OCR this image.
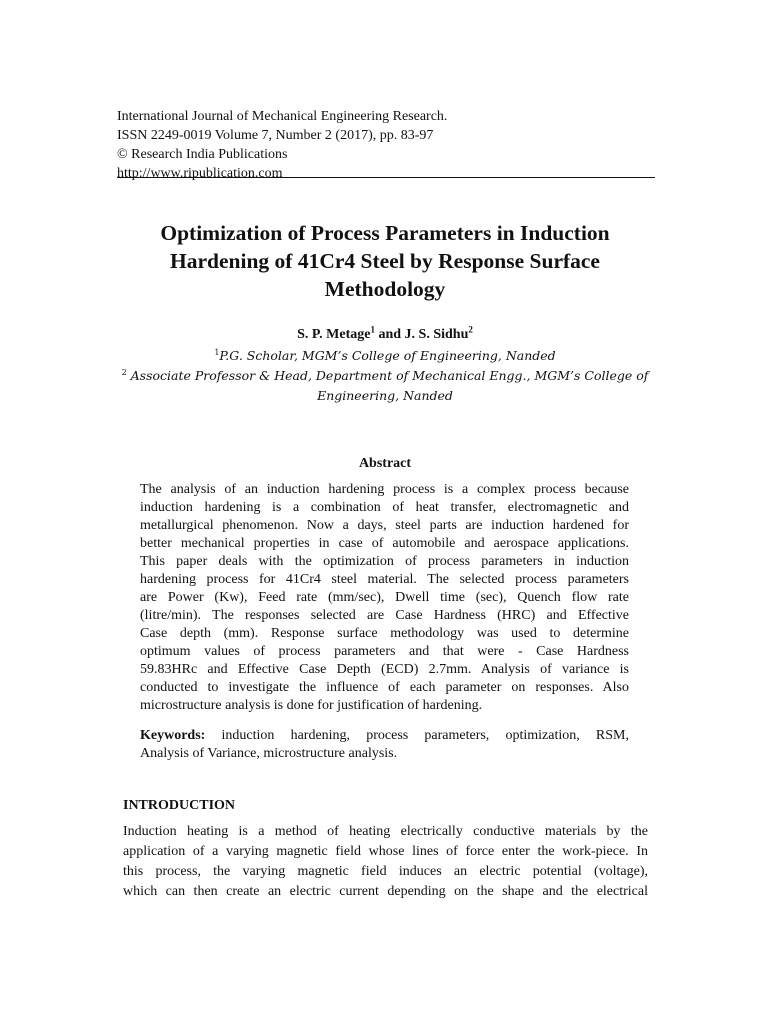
International Journal of Mechanical Engineering Research.
ISSN 2249-0019 Volume 7, Number 2 (2017), pp. 83-97
© Research India Publications
http://www.ripublication.com
Optimization of Process Parameters in Induction
Hardening of 41Cr4 Steel by Response Surface
Methodology
S. P. Metage$^1$ and J. S. Sidhu$^2$
$^1$P.G. Scholar, MGM’s College of Engineering, Nanded
$^2$ Associate Professor & Head, Department of Mechanical Engg., MGM’s College of
Engineering, Nanded
Abstract
The analysis of an induction hardening process is a complex process because
induction hardening is a combination of heat transfer, electromagnetic and
metallurgical phenomenon. Now a days, steel parts are induction hardened for
better mechanical properties in case of automobile and aerospace applications.
This paper deals with the optimization of process parameters in induction
hardening process for 41Cr4 steel material. The selected process parameters
are Power (Kw), Feed rate (mm/sec), Dwell time (sec), Quench flow rate
(litre/min). The responses selected are Case Hardness (HRC) and Effective
Case depth (mm). Response surface methodology was used to determine
optimum values of process parameters and that were - Case Hardness
59.83HRc and Effective Case Depth (ECD) 2.7mm. Analysis of variance is
conducted to investigate the influence of each parameter on responses. Also
microstructure analysis is done for justification of hardening.
Keywords: induction hardening, process parameters, optimization, RSM,
Analysis of Variance, microstructure analysis.
INTRODUCTION
Induction heating is a method of heating electrically conductive materials by the
application of a varying magnetic field whose lines of force enter the work-piece. In
this process, the varying magnetic field induces an electric potential (voltage),
which can then create an electric current depending on the shape and the electrical
